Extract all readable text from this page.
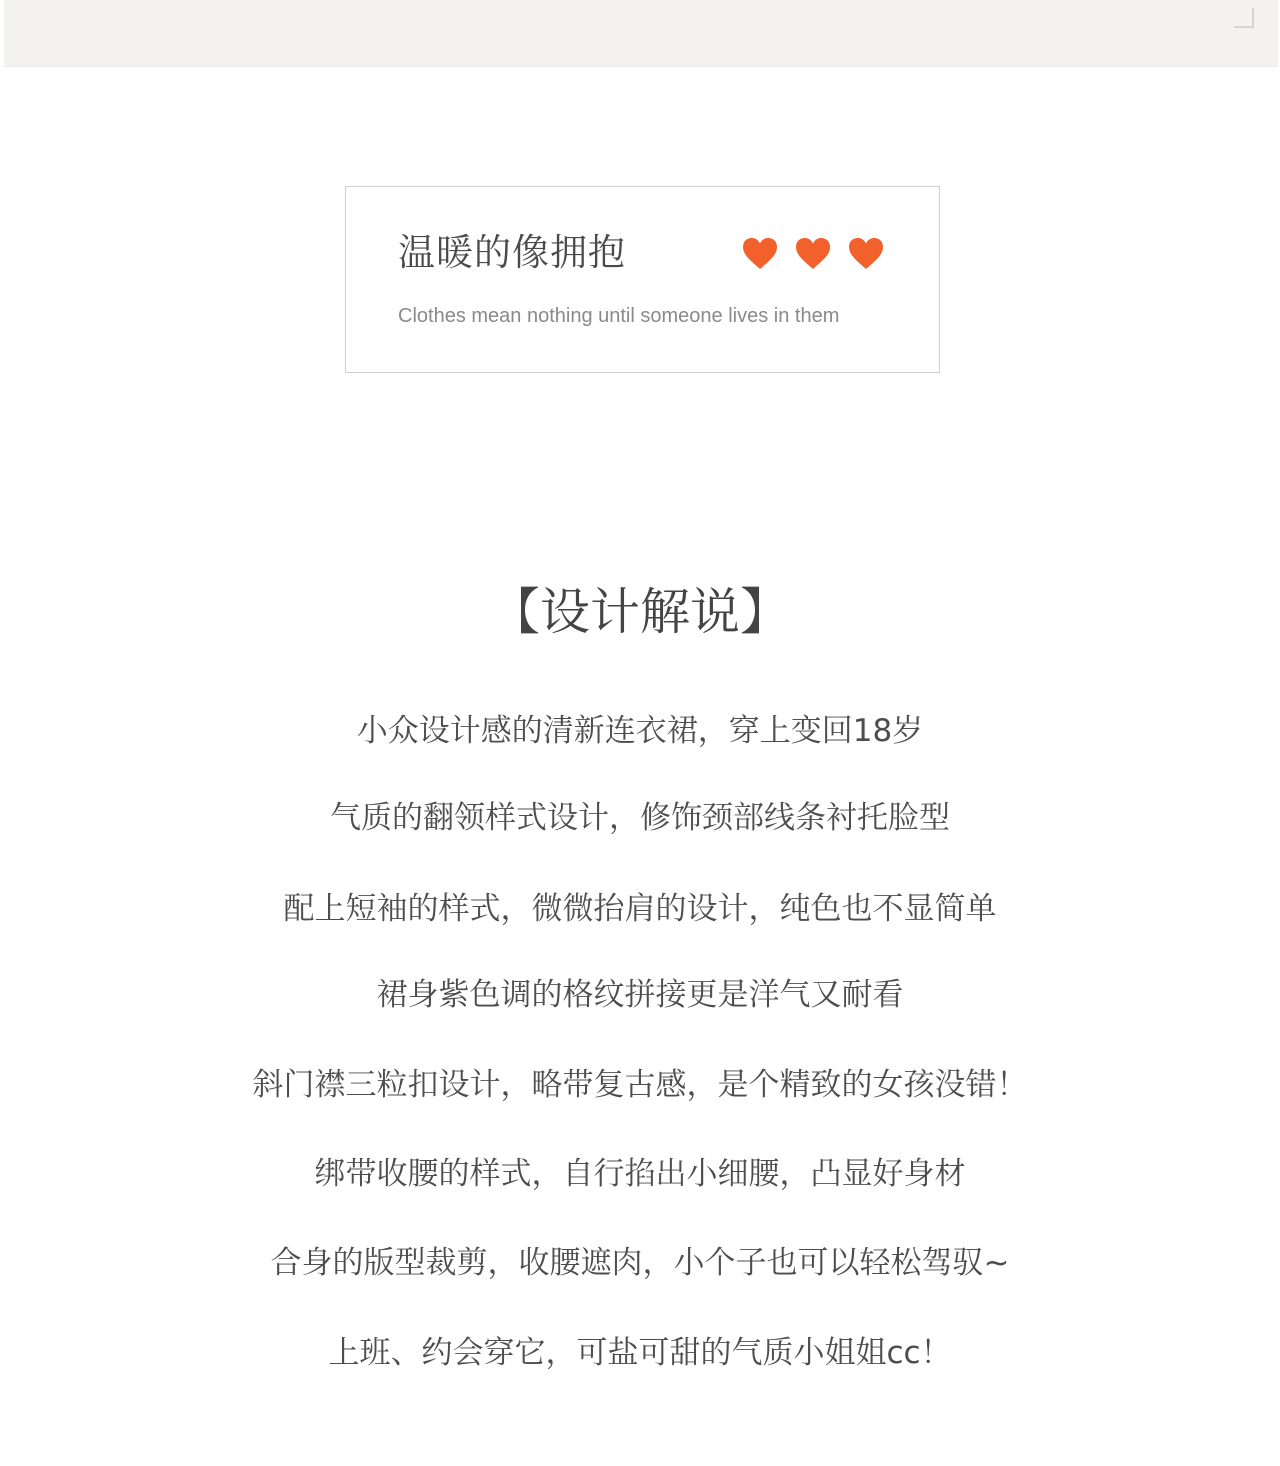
温暖的像拥抱
Clothes mean nothing until someone lives in them
【设计解说】
小众设计感的清新连衣裙，穿上变回18岁
气质的翻领样式设计，修饰颈部线条衬托脸型
配上短袖的样式，微微抬肩的设计，纯色也不显简单
裙身紫色调的格纹拼接更是洋气又耐看
斜门襟三粒扣设计，略带复古感，是个精致的女孩没错！
绑带收腰的样式，自行掐出小细腰，凸显好身材
合身的版型裁剪，收腰遮肉，小个子也可以轻松驾驭~
上班、约会穿它，可盐可甜的气质小姐姐cc！
